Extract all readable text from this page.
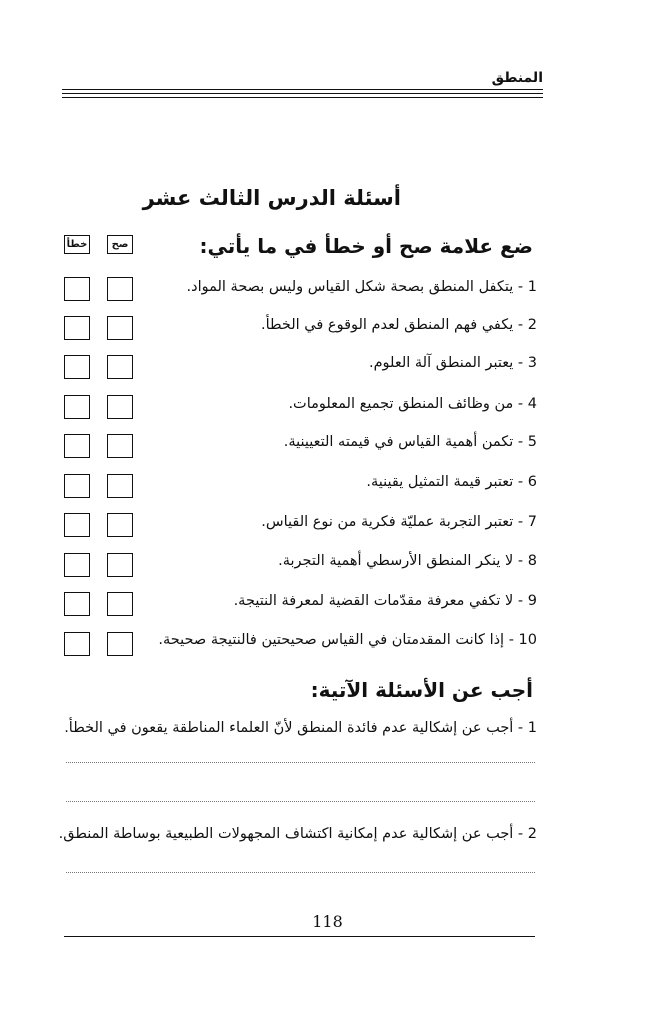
المنطق
أسئلة الدرس الثالث عشر
ضع علامة صح أو خطأ في ما يأتي:
صح
خطأ
1 - يتكفل المنطق بصحة شكل القياس وليس بصحة المواد.
2 - يكفي فهم المنطق لعدم الوقوع في الخطأ.
3 - يعتبر المنطق آلة العلوم.
4 - من وظائف المنطق تجميع المعلومات.
5 - تكمن أهمية القياس في قيمته التعيينية.
6 - تعتبر قيمة التمثيل يقينية.
7 - تعتبر التجربة عمليّة فكرية من نوع القياس.
8 - لا ينكر المنطق الأرسطي أهمية التجربة.
9 - لا تكفي معرفة مقدّمات القضية لمعرفة النتيجة.
10 - إذا كانت المقدمتان في القياس صحيحتين فالنتيجة صحيحة.
أجب عن الأسئلة الآتية:
1 - أجب عن إشكالية عدم فائدة المنطق لأنّ العلماء المناطقة يقعون في الخطأ.
2 - أجب عن إشكالية عدم إمكانية اكتشاف المجهولات الطبيعية بوساطة المنطق.
118
